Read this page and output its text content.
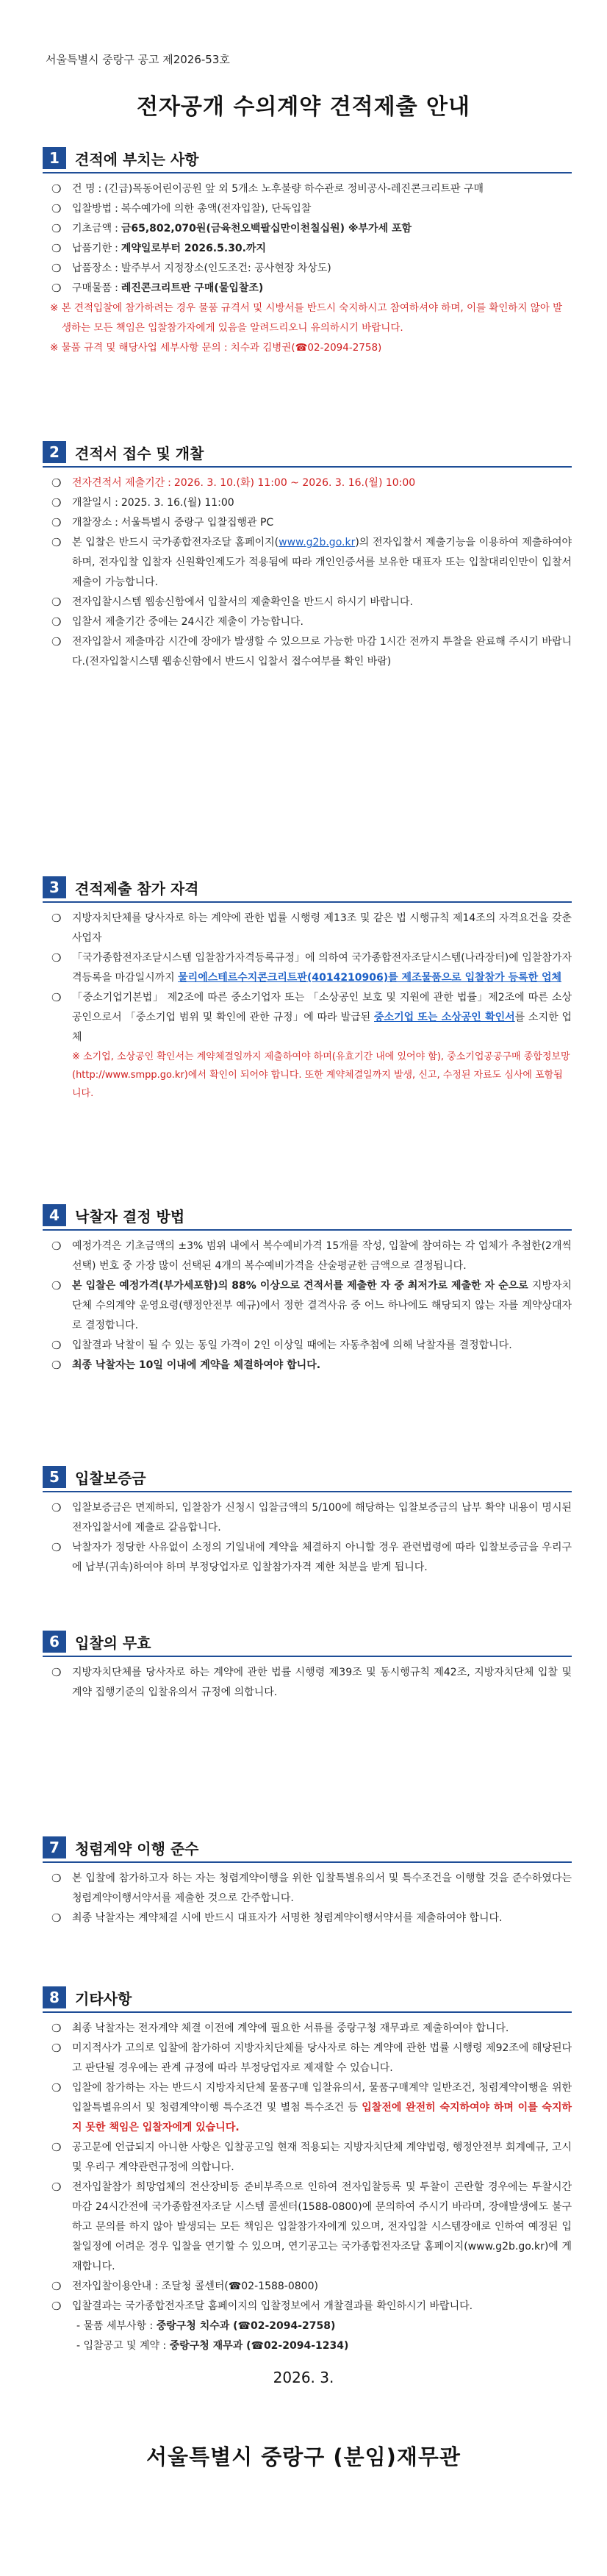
서울특별시 중랑구 공고 제2026-53호
전자공개 수의계약 견적제출 안내
1	견적에 부치는 사항
❍ 건 명 : (긴급)목동어린이공원 앞 외 5개소 노후불량 하수관로 정비공사-레진콘크리트판 구매
❍ 입찰방법 : 복수예가에 의한 총액(전자입찰), 단독입찰
❍ 기초금액 : 금65,802,070원(금육천오백팔십만이천칠십원) ※부가세 포함
❍ 납품기한 : 계약일로부터 2026.5.30.까지
❍ 납품장소 : 발주부서 지정장소(인도조건: 공사현장 차상도)
❍ 구매물품 : 레진콘크리트판 구매(물입찰조)
※ 본 견적입찰에 참가하려는 경우 물품 규격서 및 시방서를 반드시 숙지하시고 참여하셔야 하며, 이를 확인하지 않아 발생하는 모든 책임은 입찰참가자에게 있음을 알려드리오니 유의하시기 바랍니다.
※ 물품 규격 및 해당사업 세부사항 문의 : 치수과 김병권(☎02-2094-2758)
2	견적서 접수 및 개찰
❍ 전자견적서 제출기간 : 2026. 3. 10.(화) 11:00 ~ 2026. 3. 16.(월) 10:00
❍ 개찰일시 : 2025. 3. 16.(월) 11:00
❍ 개찰장소 : 서울특별시 중랑구 입찰집행관 PC
❍ 본 입찰은 반드시 국가종합전자조달 홈페이지(www.g2b.go.kr)의 전자입찰서 제출기능을 이용하여 제출하여야 하며, 전자입찰 입찰자 신원확인제도가 적용됨에 따라 개인인증서를 보유한 대표자 또는 입찰대리인만이 입찰서 제출이 가능합니다.
❍ 전자입찰시스템 웹송신함에서 입찰서의 제출확인을 반드시 하시기 바랍니다.
❍ 입찰서 제출기간 중에는 24시간 제출이 가능합니다.
❍ 전자입찰서 제출마감 시간에 장애가 발생할 수 있으므로 가능한 마감 1시간 전까지 투찰을 완료해 주시기 바랍니다.(전자입찰시스템 웹송신함에서 반드시 입찰서 접수여부를 확인 바람)
3	견적제출 참가 자격
❍ 지방자치단체를 당사자로 하는 계약에 관한 법률 시행령 제13조 및 같은 법 시행규칙 제14조의 자격요건을 갖춘 사업자
❍ 「국가종합전자조달시스템 입찰참가자격등록규정」에 의하여 국가종합전자조달시스템(나라장터)에 입찰참가자격등록을 마감일시까지 물리에스테르수지콘크리트판(4014210906)를 제조물품으로 입찰참가 등록한 업체
❍ 「중소기업기본법」 제2조에 따른 중소기업자 또는 「소상공인 보호 및 지원에 관한 법률」제2조에 따른 소상공인으로서 「중소기업 범위 및 확인에 관한 규정」에 따라 발급된 중소기업 또는 소상공인 확인서를 소지한 업체
※ 소기업, 소상공인 확인서는 계약체결일까지 제출하여야 하며(유효기간 내에 있어야 함), 중소기업공공구매 종합정보망(http://www.smpp.go.kr)에서 확인이 되어야 합니다. 또한 계약체결일까지 발생, 신고, 수정된 자료도 심사에 포함됩니다.
4	낙찰자 결정 방법
❍ 예정가격은 기초금액의 ±3% 범위 내에서 복수예비가격 15개를 작성, 입찰에 참여하는 각 업체가 추첨한(2개씩 선택) 번호 중 가장 많이 선택된 4개의 복수예비가격을 산술평균한 금액으로 결정됩니다.
❍ 본 입찰은 예정가격(부가세포함)의 88% 이상으로 견적서를 제출한 자 중 최저가로 제출한 자 순으로 지방자치단체 수의계약 운영요령(행정안전부 예규)에서 정한 결격사유 중 어느 하나에도 해당되지 않는 자를 계약상대자로 결정합니다.
❍ 입찰결과 낙찰이 될 수 있는 동일 가격이 2인 이상일 때에는 자동추첨에 의해 낙찰자를 결정합니다.
❍ 최종 낙찰자는 10일 이내에 계약을 체결하여야 합니다.
5	입찰보증금
❍ 입찰보증금은 면제하되, 입찰참가 신청시 입찰금액의 5/100에 해당하는 입찰보증금의 납부 확약 내용이 명시된 전자입찰서에 제출로 갈음합니다.
❍ 낙찰자가 정당한 사유없이 소정의 기일내에 계약을 체결하지 아니할 경우 관련법령에 따라 입찰보증금을 우리구에 납부(귀속)하여야 하며 부정당업자로 입찰참가자격 제한 처분을 받게 됩니다.
6	입찰의 무효
❍ 지방자치단체를 당사자로 하는 계약에 관한 법률 시행령 제39조 및 동시행규칙 제42조, 지방자치단체 입찰 및 계약 집행기준의 입찰유의서 규정에 의합니다.
7	청렴계약 이행 준수
❍ 본 입찰에 참가하고자 하는 자는 청렴계약이행을 위한 입찰특별유의서 및 특수조건을 이행할 것을 준수하였다는 청렴계약이행서약서를 제출한 것으로 간주합니다.
❍ 최종 낙찰자는 계약체결 시에 반드시 대표자가 서명한 청렴계약이행서약서를 제출하여야 합니다.
8	기타사항
❍ 최종 낙찰자는 전자계약 체결 이전에 계약에 필요한 서류를 중랑구청 재무과로 제출하여야 합니다.
❍ 미지적사가 고의로 입찰에 참가하여 지방자치단체를 당사자로 하는 계약에 관한 법률 시행령 제92조에 해당된다고 판단될 경우에는 관계 규정에 따라 부정당업자로 제재할 수 있습니다.
❍ 입찰에 참가하는 자는 반드시 지방자치단체 물품구매 입찰유의서, 물품구매계약 일반조건, 청렴계약이행을 위한 입찰특별유의서 및 청렴계약이행 특수조건 및 별첨 특수조건 등 입찰전에 완전히 숙지하여야 하며 이를 숙지하지 못한 책임은 입찰자에게 있습니다.
❍ 공고문에 언급되지 아니한 사항은 입찰공고일 현재 적용되는 지방자치단체 계약법령, 행정안전부 회계예규, 고시 및 우리구 계약관련규정에 의합니다.
❍ 전자입찰참가 희망업체의 전산장비등 준비부족으로 인하여 전자입찰등록 및 투찰이 곤란할 경우에는 투찰시간 마감 24시간전에 국가종합전자조달 시스템 콜센터(1588-0800)에 문의하여 주시기 바라며, 장애발생에도 불구하고 문의를 하지 않아 발생되는 모든 책임은 입찰참가자에게 있으며, 전자입찰 시스템장애로 인하여 예정된 입찰일정에 어려운 경우 입찰을 연기할 수 있으며, 연기공고는 국가종합전자조달 홈페이지(www.g2b.go.kr)에 게재합니다.
❍ 전자입찰이용안내 : 조달청 콜센터(☎02-1588-0800)
❍ 입찰결과는 국가종합전자조달 홈페이지의 입찰정보에서 개찰결과를 확인하시기 바랍니다.
- 물품 세부사항 : 중랑구청 치수과 (☎02-2094-2758)
- 입찰공고 및 계약 : 중랑구청 재무과 (☎02-2094-1234)
2026. 3.
서울특별시 중랑구 (분임)재무관
